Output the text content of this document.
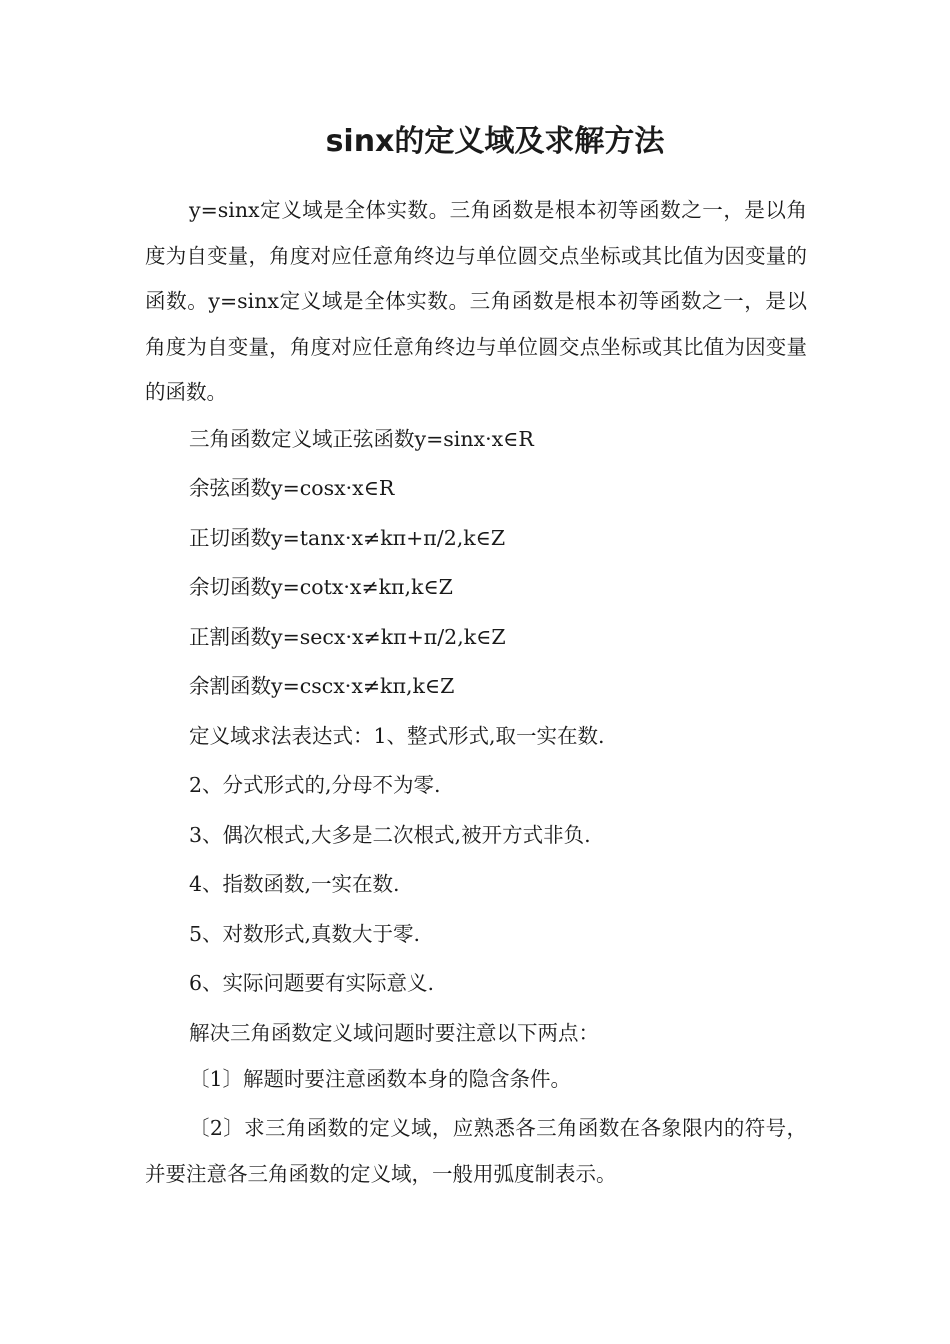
sinx的定义域及求解方法

y=sinx定义域是全体实数。三角函数是根本初等函数之一，是以角度为自变量，角度对应任意角终边与单位圆交点坐标或其比值为因变量的函数。y=sinx定义域是全体实数。三角函数是根本初等函数之一，是以角度为自变量，角度对应任意角终边与单位圆交点坐标或其比值为因变量的函数。

三角函数定义域正弦函数y=sinx·x∈R

余弦函数y=cosx·x∈R

正切函数y=tanx·x≠kπ+π/2,k∈Z

余切函数y=cotx·x≠kπ,k∈Z

正割函数y=secx·x≠kπ+π/2,k∈Z

余割函数y=cscx·x≠kπ,k∈Z

定义域求法表达式：1、整式形式,取一实在数.

2、分式形式的,分母不为零.

3、偶次根式,大多是二次根式,被开方式非负.

4、指数函数,一实在数.

5、对数形式,真数大于零.

6、实际问题要有实际意义.

解决三角函数定义域问题时要注意以下两点：

〔1〕解题时要注意函数本身的隐含条件。

〔2〕求三角函数的定义域，应熟悉各三角函数在各象限内的符号，并要注意各三角函数的定义域，一般用弧度制表示。
